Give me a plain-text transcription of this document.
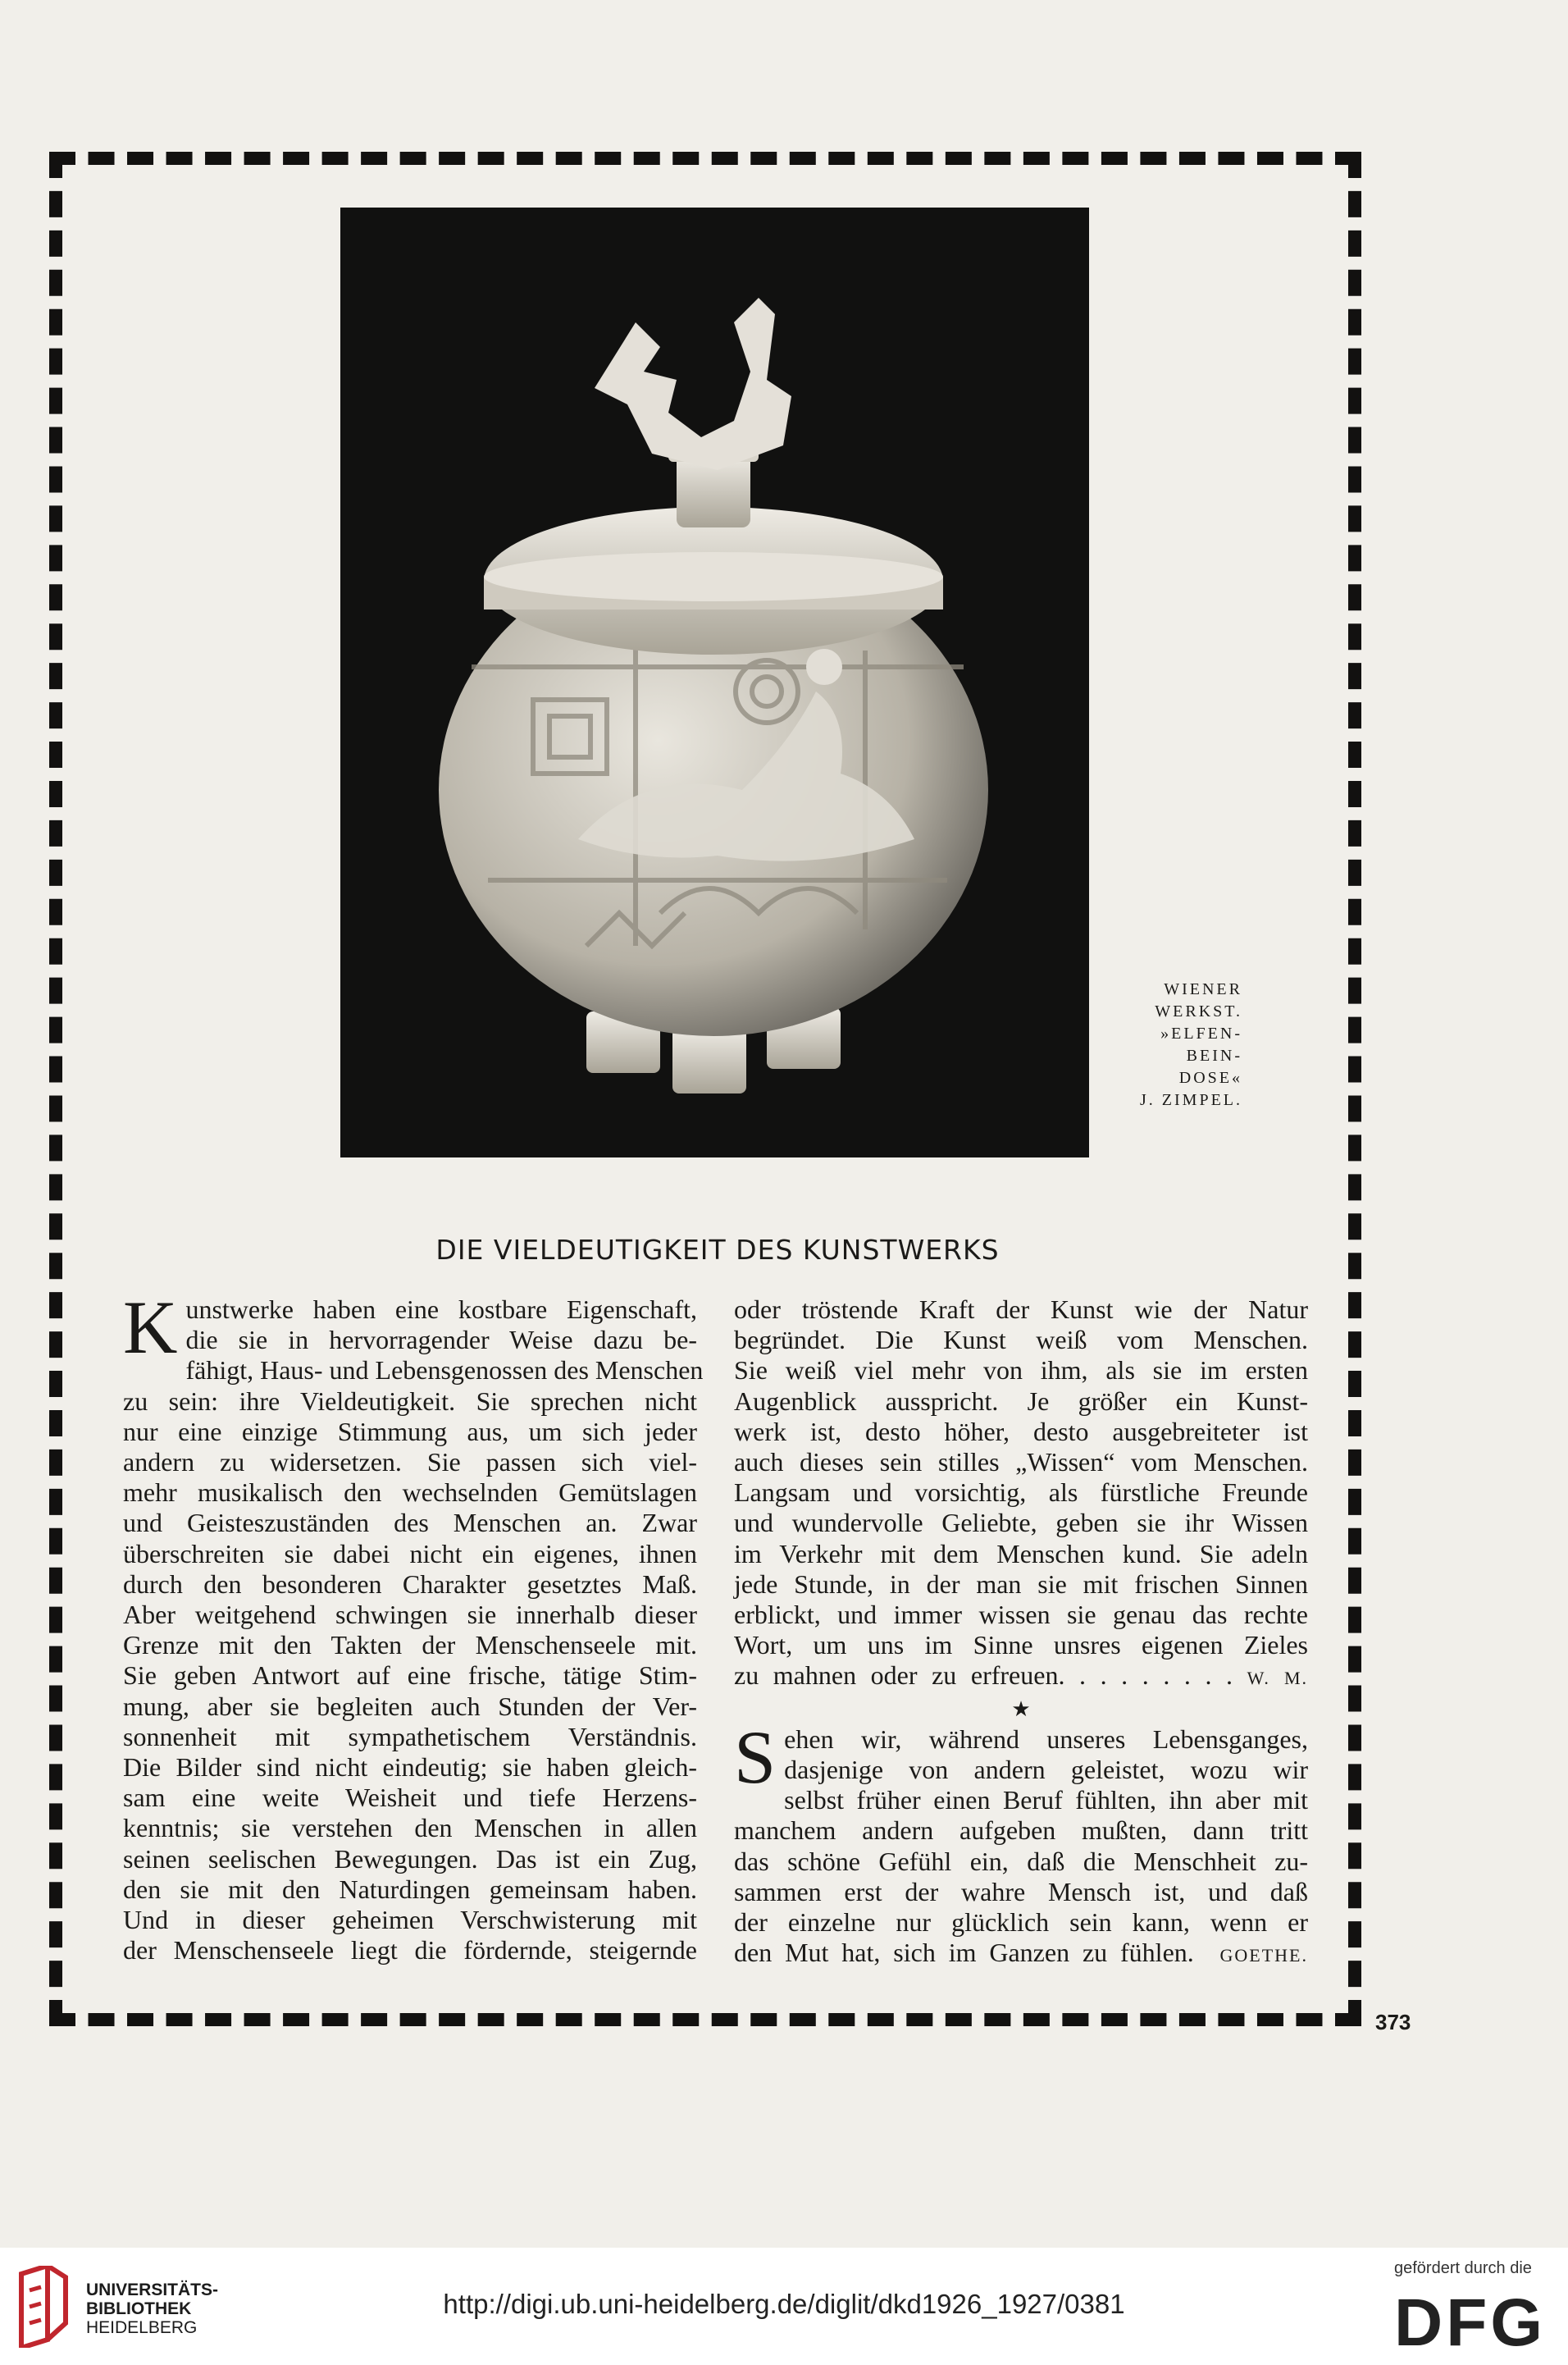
WIENER
WERKST.
»ELFEN-
BEIN-
DOSE«
J. ZIMPEL.
DIE VIELDEUTIGKEIT DES KUNSTWERKS
K unstwerke haben eine kostbare Eigenschaft,
die sie in hervorragender Weise dazu be-
fähigt, Haus- und Lebensgenossen des Menschen
zu sein: ihre Vieldeutigkeit. Sie sprechen nicht
nur eine einzige Stimmung aus, um sich jeder
andern zu widersetzen. Sie passen sich viel-
mehr musikalisch den wechselnden Gemütslagen
und Geisteszuständen des Menschen an. Zwar
überschreiten sie dabei nicht ein eigenes, ihnen
durch den besonderen Charakter gesetztes Maß.
Aber weitgehend schwingen sie innerhalb dieser
Grenze mit den Takten der Menschenseele mit.
Sie geben Antwort auf eine frische, tätige Stim-
mung, aber sie begleiten auch Stunden der Ver-
sonnenheit mit sympathetischem Verständnis.
Die Bilder sind nicht eindeutig; sie haben gleich-
sam eine weite Weisheit und tiefe Herzens-
kenntnis; sie verstehen den Menschen in allen
seinen seelischen Bewegungen. Das ist ein Zug,
den sie mit den Naturdingen gemeinsam haben.
Und in dieser geheimen Verschwisterung mit
der Menschenseele liegt die fördernde, steigernde
oder tröstende Kraft der Kunst wie der Natur
begründet. Die Kunst weiß vom Menschen.
Sie weiß viel mehr von ihm, als sie im ersten
Augenblick ausspricht. Je größer ein Kunst-
werk ist, desto höher, desto ausgebreiteter ist
auch dieses sein stilles „Wissen“ vom Menschen.
Langsam und vorsichtig, als fürstliche Freunde
und wundervolle Geliebte, geben sie ihr Wissen
im Verkehr mit dem Menschen kund. Sie adeln
jede Stunde, in der man sie mit frischen Sinnen
erblickt, und immer wissen sie genau das rechte
Wort, um uns im Sinne unsres eigenen Zieles
zu mahnen oder zu erfreuen. . . . . . . . . W. M.
★
S ehen wir, während unseres Lebensganges,
dasjenige von andern geleistet, wozu wir
selbst früher einen Beruf fühlten, ihn aber mit
manchem andern aufgeben mußten, dann tritt
das schöne Gefühl ein, daß die Menschheit zu-
sammen erst der wahre Mensch ist, und daß
der einzelne nur glücklich sein kann, wenn er
den Mut hat, sich im Ganzen zu fühlen. GOETHE.
373
UNIVERSITÄTS-
BIBLIOTHEK
HEIDELBERG
http://digi.ub.uni-heidelberg.de/diglit/dkd1926_1927/0381
gefördert durch die
DFG
